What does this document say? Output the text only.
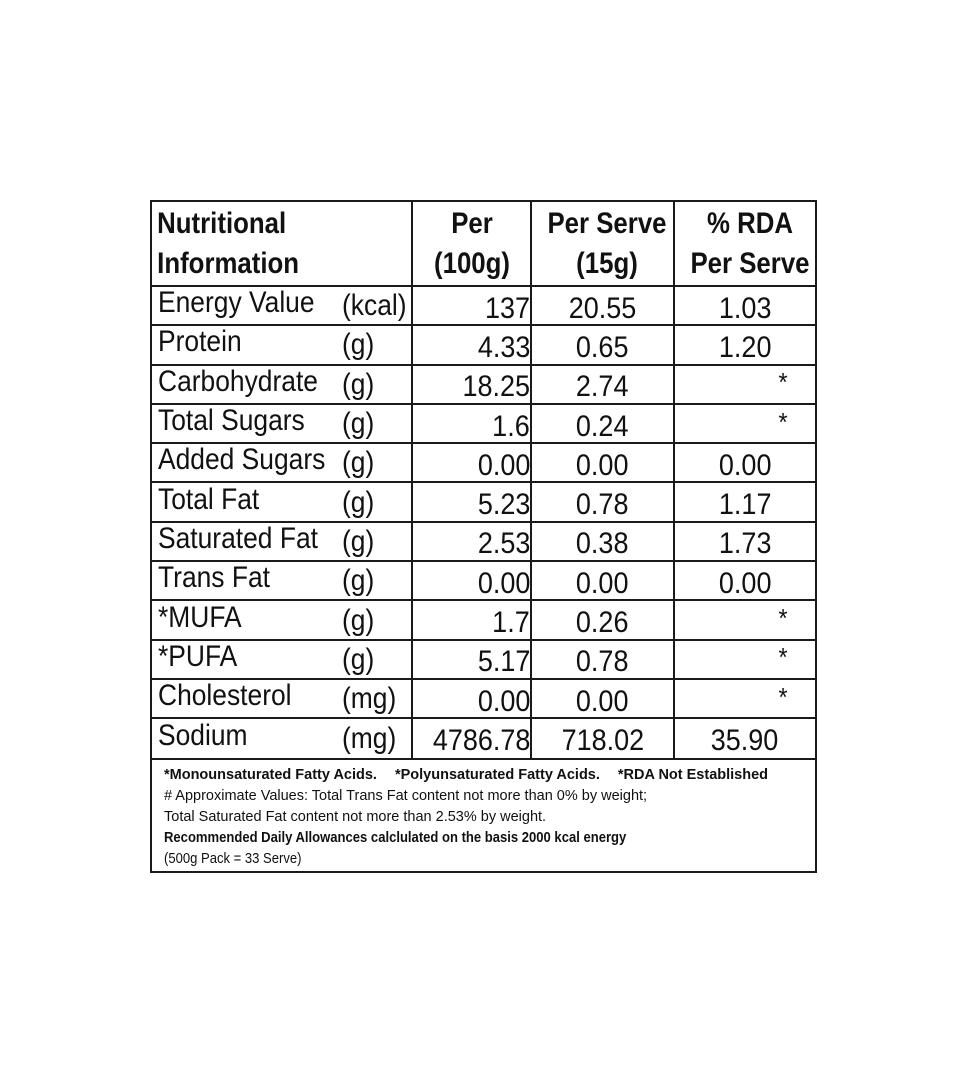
Nutritional Information	Per (100g)	Per Serve (15g)	% RDA Per Serve

Energy Value (kcal)	137	20.55	1.03

Protein (g)	4.33	0.65	1.20

Carbohydrate (g)	18.25	2.74	*

Total Sugars (g)	1.6	0.24	*

Added Sugars (g)	0.00	0.00	0.00

Total Fat (g)	5.23	0.78	1.17

Saturated Fat (g)	2.53	0.38	1.73

Trans Fat (g)	0.00	0.00	0.00

*MUFA (g)	1.7	0.26	*

*PUFA (g)	5.17	0.78	*

Cholesterol (mg)	0.00	0.00	*

Sodium (mg)	4786.78	718.02	35.90
*Monounsaturated Fatty Acids. *Polyunsaturated Fatty Acids. *RDA Not Established
# Approximate Values: Total Trans Fat content not more than 0% by weight;
Total Saturated Fat content not more than 2.53% by weight.
Recommended Daily Allowances calclulated on the basis 2000 kcal energy
(500g Pack = 33 Serve)
